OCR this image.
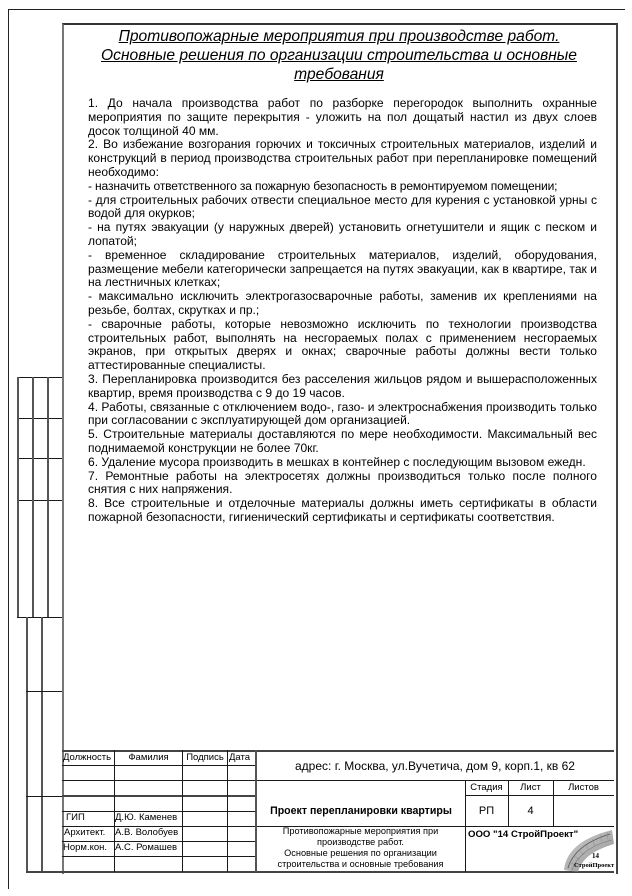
Противопожарные мероприятия при производстве работ.
Основные решения по организации строительства и основные
требования

1. До начала производства работ по разборке перегородок выполнить охранные мероприятия по защите перекрытия - уложить на пол дощатый настил из двух слоев досок толщиной 40 мм.

2. Во избежание возгорания горючих и токсичных строительных материалов, изделий и конструкций в период производства строительных работ при перепланировке помещений необходимо:

- назначить ответственного за пожарную безопасность в ремонтируемом помещении;

- для строительных рабочих отвести специальное место для курения с установкой урны с водой для окурков;

- на путях эвакуации (у наружных дверей) установить огнетушители и ящик с песком и лопатой;

- временное складирование строительных материалов, изделий, оборудования, размещение мебели категорически запрещается на путях эвакуации, как в квартире, так и на лестничных клетках;

- максимально исключить электрогазосварочные работы, заменив их креплениями на резьбе, болтах, скрутках и пр.;

- сварочные работы, которые невозможно исключить по технологии производства строительных работ, выполнять на несгораемых полах с применением несгораемых экранов, при открытых дверях и окнах; сварочные работы должны вести только аттестированные специалисты.

3. Перепланировка производится без расселения жильцов рядом и вышерасположенных квартир, время производства с 9 до 19 часов.

4. Работы, связанные с отключением водо-, газо- и электроснабжения производить только при согласовании с эксплуатирующей дом организацией.

5. Строительные материалы доставляются по мере необходимости. Максимальный вес поднимаемой конструкции не более 70кг.

6. Удаление мусора производить в мешках в контейнер с последующим вызовом ежедн.

7. Ремонтные работы на электросетях должны производиться только после полного снятия с них напряжения.

8. Все строительные и отделочные материалы должны иметь сертификаты в области пожарной безопасности, гигиенический сертификаты и сертификаты соответствия.

Должность	Фамилия	Подпись Дата
ГИП	Д.Ю. Каменев
Архитект.	А.В. Волобуев
Норм.кон. А.С. Ромашев
адрес: г. Москва, ул.Вучетича, дом 9, корп.1, кв 62
Проект перепланировки квартиры
Стадия	Лист	Листов
РП	4
Противопожарные мероприятия при
производстве работ.
Основные решения по организации
строительства и основные требования
ООО "14 СтройПроект"
14
СтройПроект
